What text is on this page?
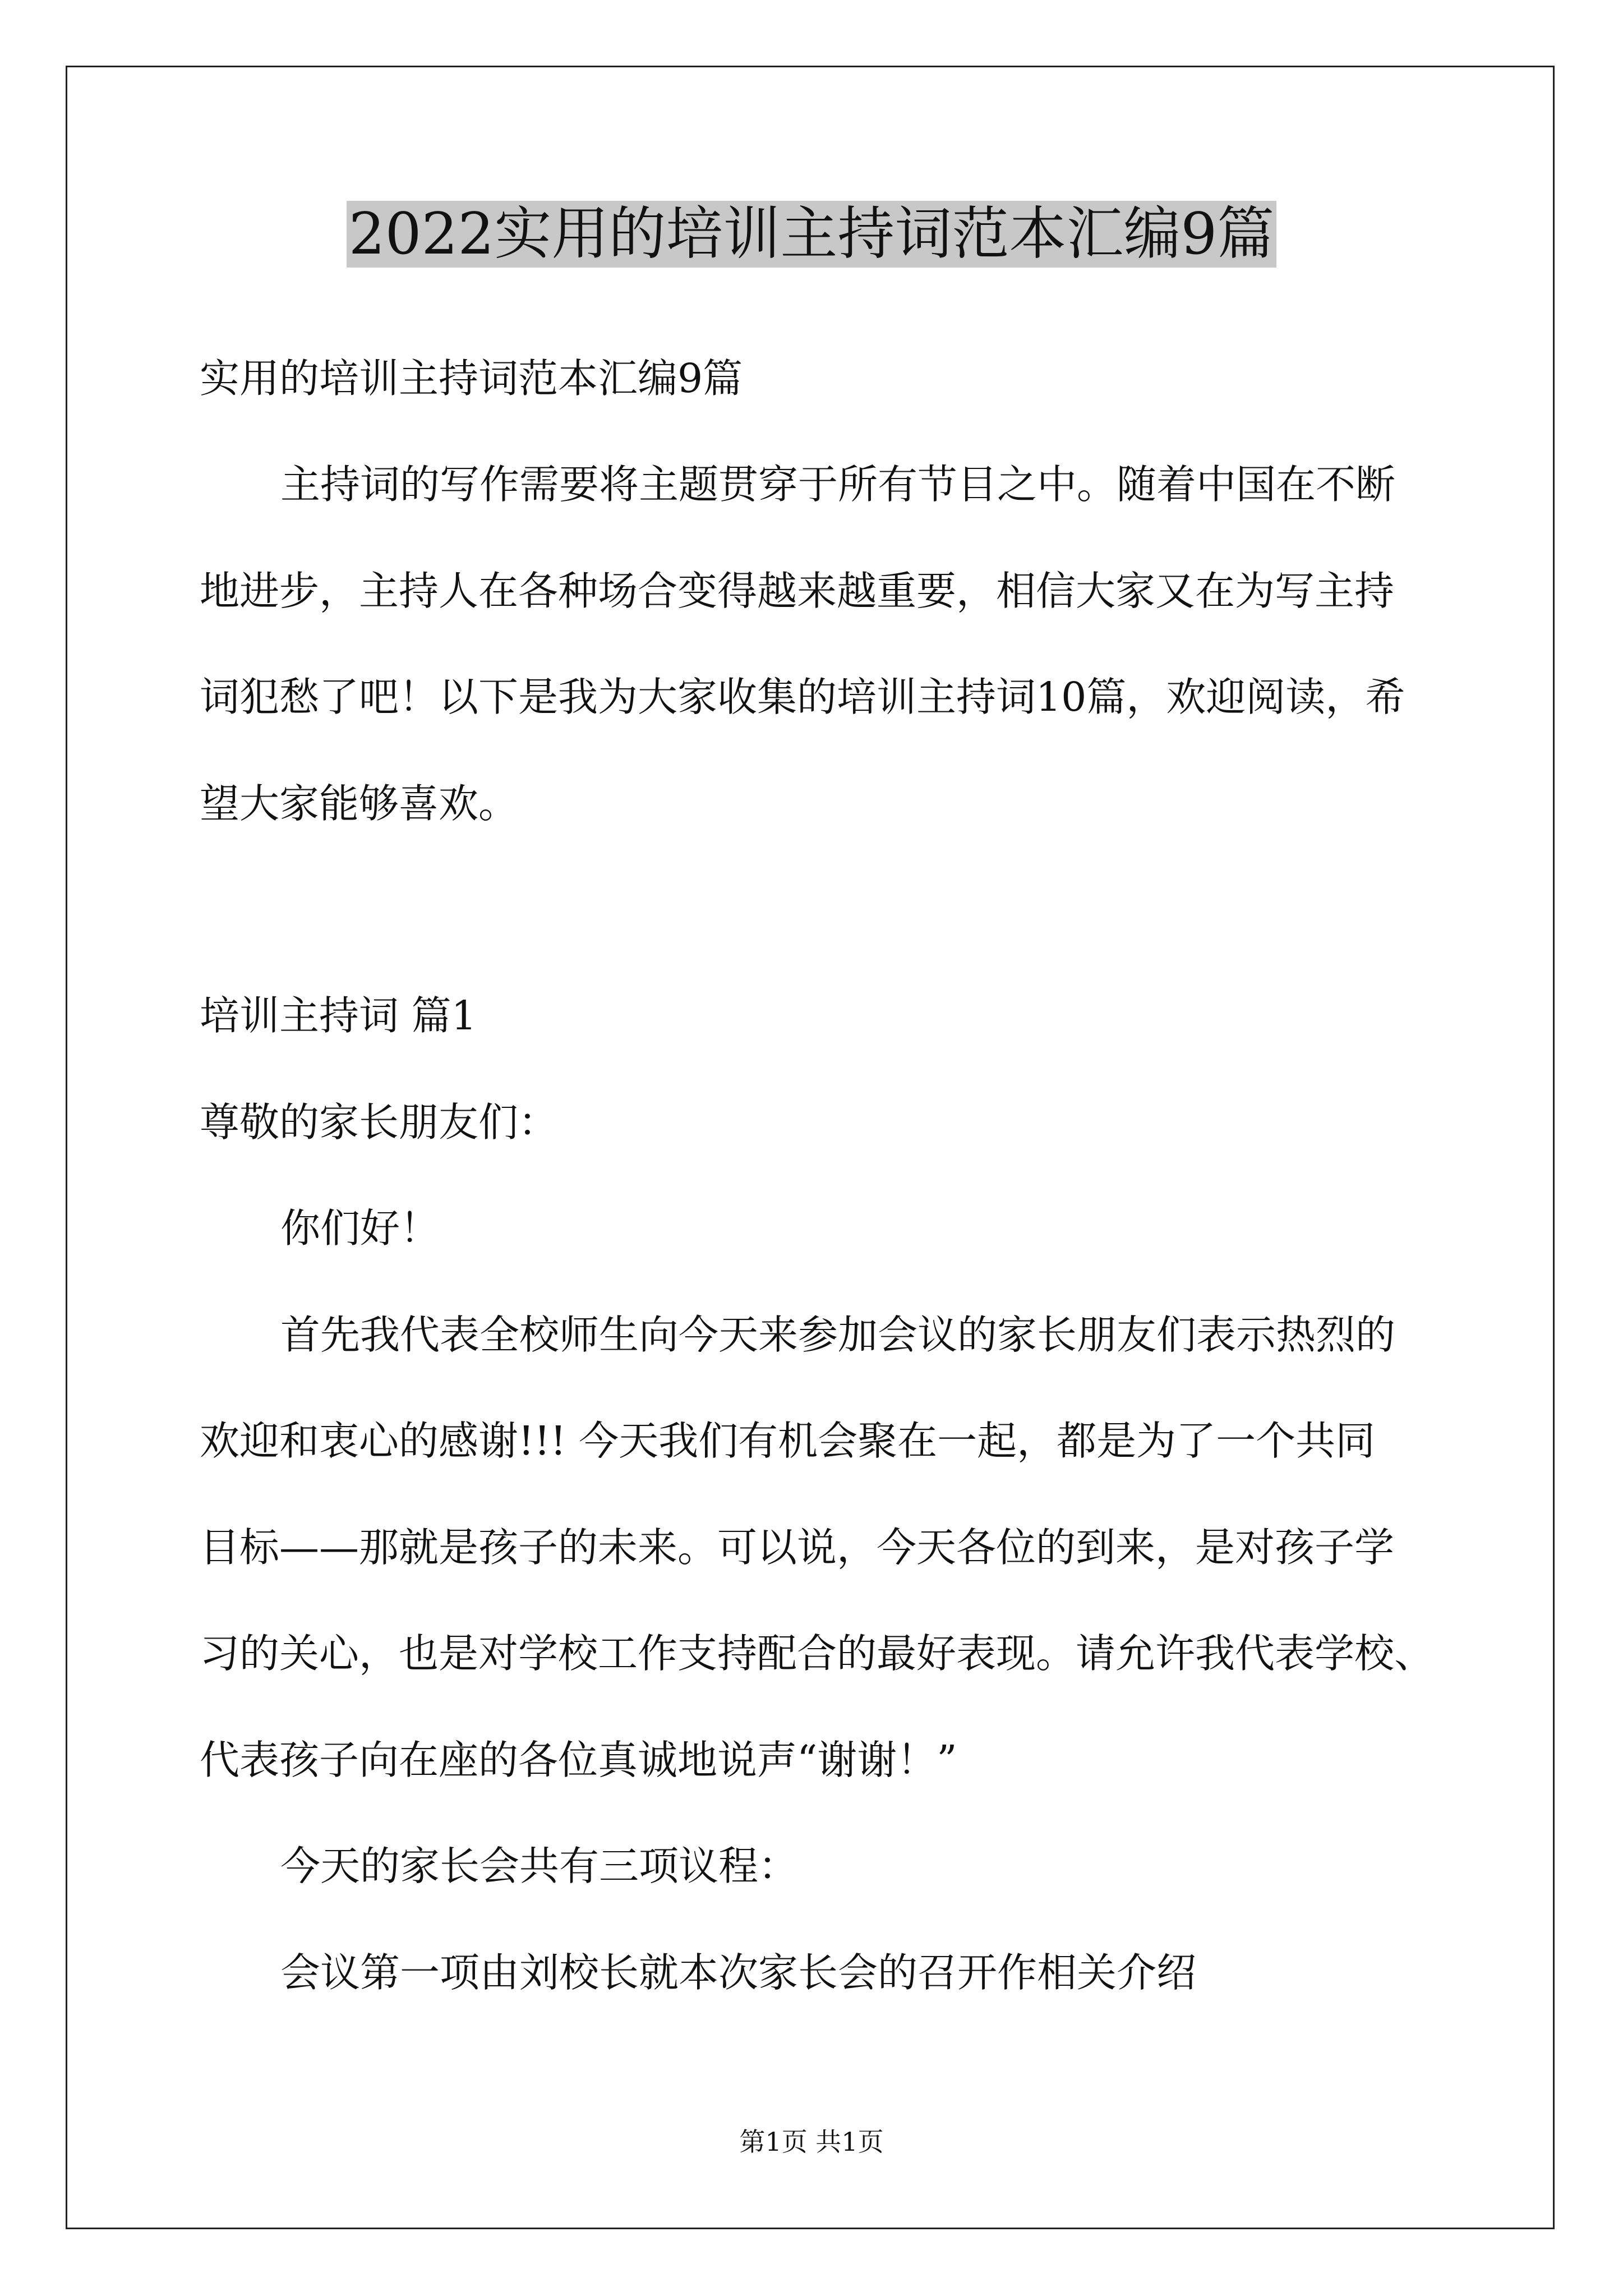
2022实用的培训主持词范本汇编9篇
实用的培训主持词范本汇编9篇
主持词的写作需要将主题贯穿于所有节目之中。随着中国在不断
地进步，主持人在各种场合变得越来越重要，相信大家又在为写主持
词犯愁了吧！以下是我为大家收集的培训主持词10篇，欢迎阅读，希
望大家能够喜欢。
培训主持词 篇1
尊敬的家长朋友们：
你们好！
首先我代表全校师生向今天来参加会议的家长朋友们表示热烈的
欢迎和衷心的感谢!!! 今天我们有机会聚在一起，都是为了一个共同
目标——那就是孩子的未来。可以说，今天各位的到来，是对孩子学
习的关心，也是对学校工作支持配合的最好表现。请允许我代表学校、
代表孩子向在座的各位真诚地说声“谢谢！”
今天的家长会共有三项议程：
会议第一项由刘校长就本次家长会的召开作相关介绍
第1页 共1页
